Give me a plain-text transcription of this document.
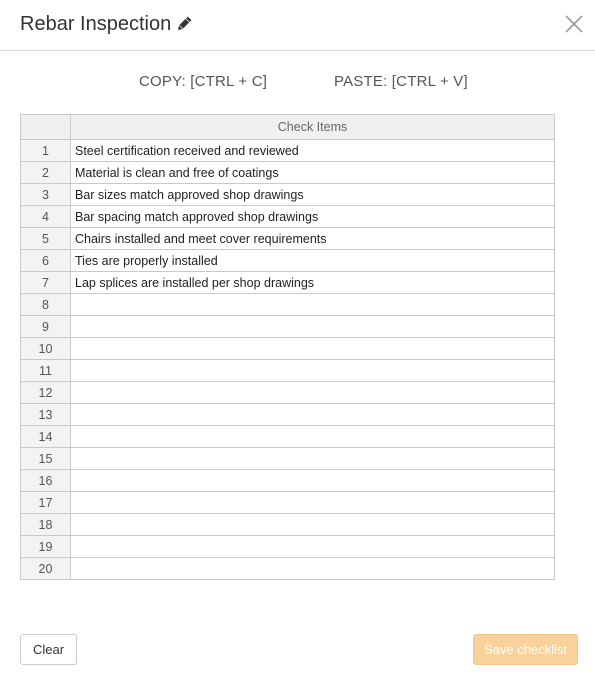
Rebar Inspection
COPY: [CTRL + C]	PASTE: [CTRL + V]
	Check Items
1	Steel certification received and reviewed
2	Material is clean and free of coatings
3	Bar sizes match approved shop drawings
4	Bar spacing match approved shop drawings
5	Chairs installed and meet cover requirements
6	Ties are properly installed
7	Lap splices are installed per shop drawings
8	
9	
10	
11	
12	
13	
14	
15	
16	
17	
18	
19	
20	
Clear	Save checklist
